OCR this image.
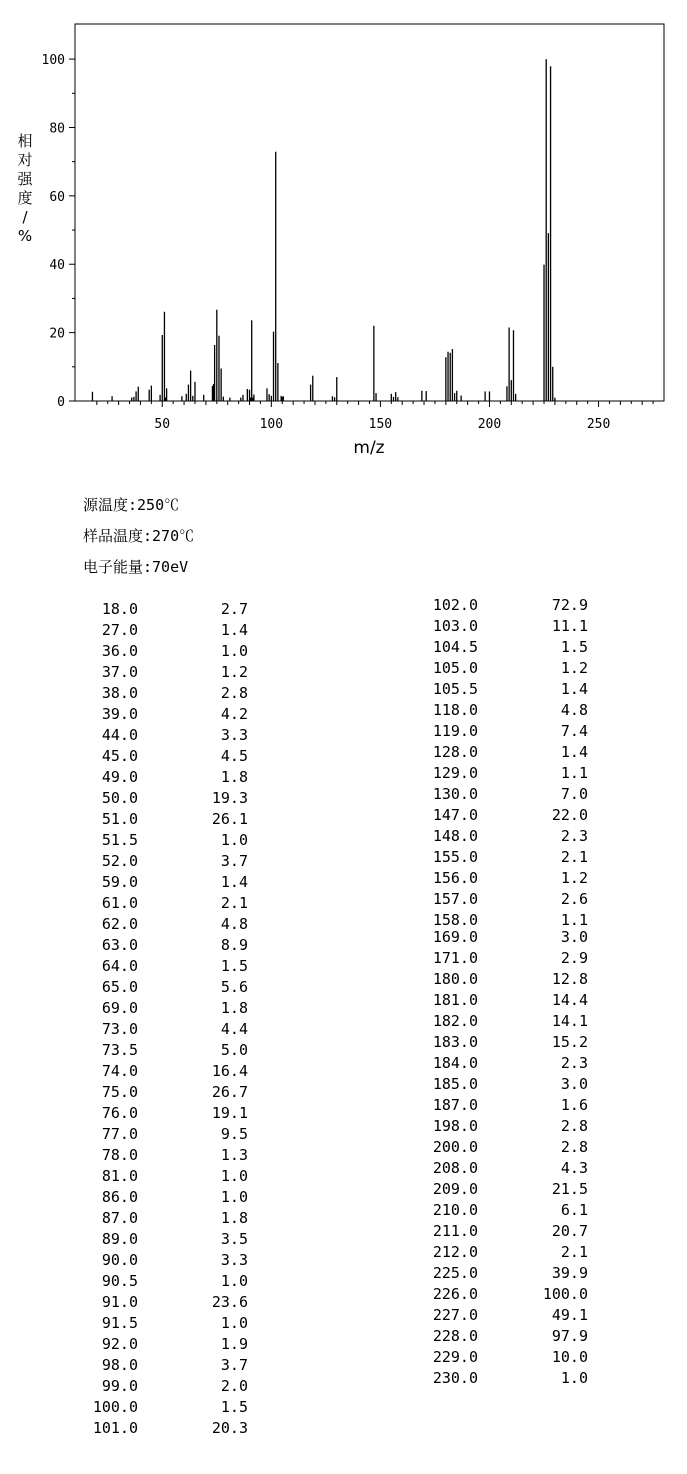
0
20
40
60
80
100
50	100	150	200	250
m/z
相
对
强
度
/
%
源温度:250℃
样品温度:270℃
电子能量:70eV
18.0	2.7
27.0	1.4
36.0	1.0
37.0	1.2
38.0	2.8
39.0	4.2
44.0	3.3
45.0	4.5
49.0	1.8
50.0	19.3
51.0	26.1
51.5	1.0
52.0	3.7
59.0	1.4
61.0	2.1
62.0	4.8
63.0	8.9
64.0	1.5
65.0	5.6
69.0	1.8
73.0	4.4
73.5	5.0
74.0	16.4
75.0	26.7
76.0	19.1
77.0	9.5
78.0	1.3
81.0	1.0
86.0	1.0
87.0	1.8
89.0	3.5
90.0	3.3
90.5	1.0
91.0	23.6
91.5	1.0
92.0	1.9
98.0	3.7
99.0	2.0
100.0	1.5
101.0	20.3
102.0	72.9
103.0	11.1
104.5	1.5
105.0	1.2
105.5	1.4
118.0	4.8
119.0	7.4
128.0	1.4
129.0	1.1
130.0	7.0
147.0	22.0
148.0	2.3
155.0	2.1
156.0	1.2
157.0	2.6
158.0	1.1
169.0	3.0
171.0	2.9
180.0	12.8
181.0	14.4
182.0	14.1
183.0	15.2
184.0	2.3
185.0	3.0
187.0	1.6
198.0	2.8
200.0	2.8
208.0	4.3
209.0	21.5
210.0	6.1
211.0	20.7
212.0	2.1
225.0	39.9
226.0	100.0
227.0	49.1
228.0	97.9
229.0	10.0
230.0	1.0
